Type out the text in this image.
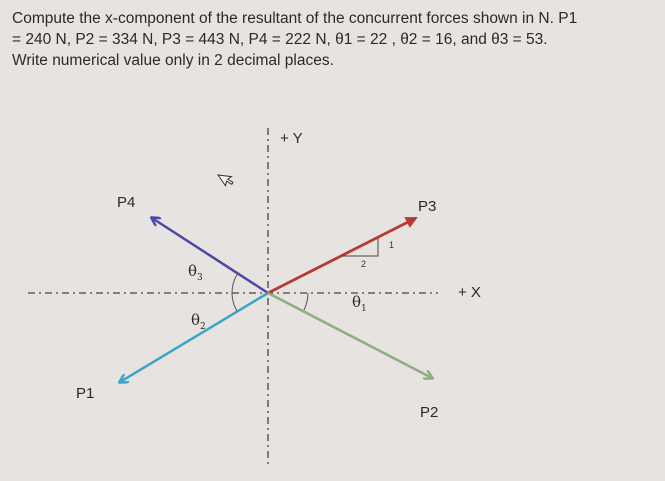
Compute the x-component of the resultant of the concurrent forces shown in N. P1
= 240 N, P2 = 334 N, P3 = 443 N, P4 = 222 N, θ1 = 22 , θ2 = 16, and θ3 = 53.
Write numerical value only in 2 decimal places.
1
2
+ Y
+ X
P4	P3
P1
P2
$\theta_3$
$\theta_2$
$\theta_1$
